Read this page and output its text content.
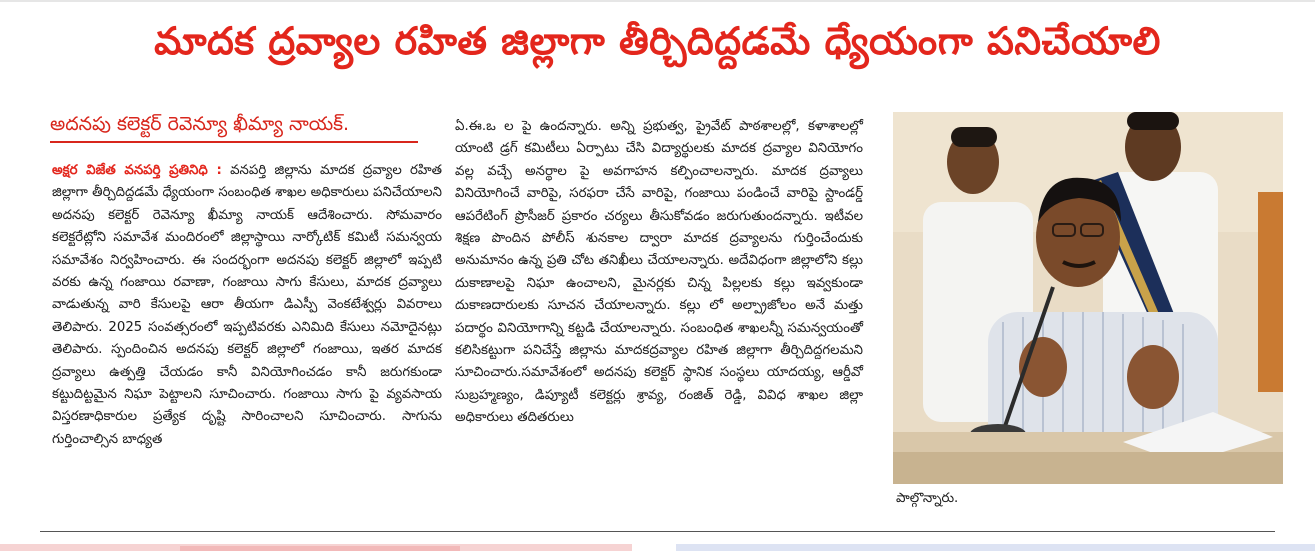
మాదక ద్రవ్యాల రహిత జిల్లాగా తీర్చిదిద్దడమే ధ్యేయంగా పనిచేయాలి
అదనపు కలెక్టర్ రెవెన్యూ ఖీమ్యా నాయక్.

అక్షర విజేత వనపర్తి ప్రతినిధి : వనపర్తి జిల్లాను మాదక ద్రవ్యాల రహిత జిల్లాగా తీర్చిదిద్దడమే ధ్యేయంగా సంబంధిత శాఖల అధికారులు పనిచేయాలని అదనపు కలెక్టర్ రెవెన్యూ ఖీమ్యా నాయక్ ఆదేశించారు. సోమవారం కలెక్టరేట్లోని సమావేశ మందిరంలో జిల్లాస్థాయి నార్కోటిక్ కమిటీ సమన్వయ సమావేశం నిర్వహించారు. ఈ సందర్భంగా అదనపు కలెక్టర్ జిల్లాలో ఇప్పటి వరకు ఉన్న గంజాయి రవాణా, గంజాయి సాగు కేసులు, మాదక ద్రవ్యాలు వాడుతున్న వారి కేసులపై ఆరా తీయగా డిఎస్పీ వెంకటేశ్వర్లు వివరాలు తెలిపారు. 2025 సంవత్సరంలో ఇప్పటివరకు ఎనిమిది కేసులు నమోదైనట్లు తెలిపారు. స్పందించిన అదనపు కలెక్టర్ జిల్లాలో గంజాయి, ఇతర మాదక ద్రవ్యాలు ఉత్పత్తి చేయడం కానీ వినియోగించడం కానీ జరుగకుండా కట్టుదిట్టమైన నిఘా పెట్టాలని సూచించారు. గంజాయి సాగు పై వ్యవసాయ విస్తరణాధికారుల ప్రత్యేక దృష్టి సారించాలని సూచించారు. సాగును గుర్తించాల్సిన బాధ్యత

ఏ.ఈ.ఒ ల పై ఉందన్నారు. అన్ని ప్రభుత్వ, ప్రైవేట్ పాఠశాలల్లో, కళాశాలల్లో యాంటి డ్రగ్ కమిటీలు ఏర్పాటు చేసి విద్యార్థులకు మాదక ద్రవ్యాల వినియోగం వల్ల వచ్చే అనర్థాల పై అవగాహన కల్పించాలన్నారు. మాదక ద్రవ్యాలు వినియోగించే వారిపై, సరఫరా చేసే వారిపై, గంజాయి పండించే వారిపై స్టాండర్డ్ ఆపరేటింగ్ ప్రొసీజర్ ప్రకారం చర్యలు తీసుకోవడం జరుగుతుందన్నారు. ఇటీవల శిక్షణ పొందిన పోలీస్ శునకాల ద్వారా మాదక ద్రవ్యాలను గుర్తించేందుకు అనుమానం ఉన్న ప్రతి చోట తనిఖీలు చేయాలన్నారు. అదేవిధంగా జిల్లాలోని కల్లు దుకాణాలపై నిఘా ఉంచాలని, మైనర్లకు చిన్న పిల్లలకు కల్లు ఇవ్వకుండా దుకాణదారులకు సూచన చేయాలన్నారు. కల్లు లో అల్ప్రాజోలం అనే మత్తు పదార్థం వినియోగాన్ని కట్టడి చేయాలన్నారు. సంబంధిత శాఖలన్నీ సమన్వయంతో కలిసికట్టుగా పనిచేస్తే జిల్లాను మాదకద్రవ్యాల రహిత జిల్లాగా తీర్చిదిద్దగలమని సూచించారు.సమావేశంలో అదనపు కలెక్టర్ స్థానిక సంస్థలు యాదయ్య, ఆర్డీవో సుబ్రహ్మణ్యం, డిప్యూటీ కలెక్టర్లు శ్రావ్య, రంజిత్ రెడ్డి, వివిధ శాఖల జిల్లా అధికారులు తదితరులు

పాల్గొన్నారు.
